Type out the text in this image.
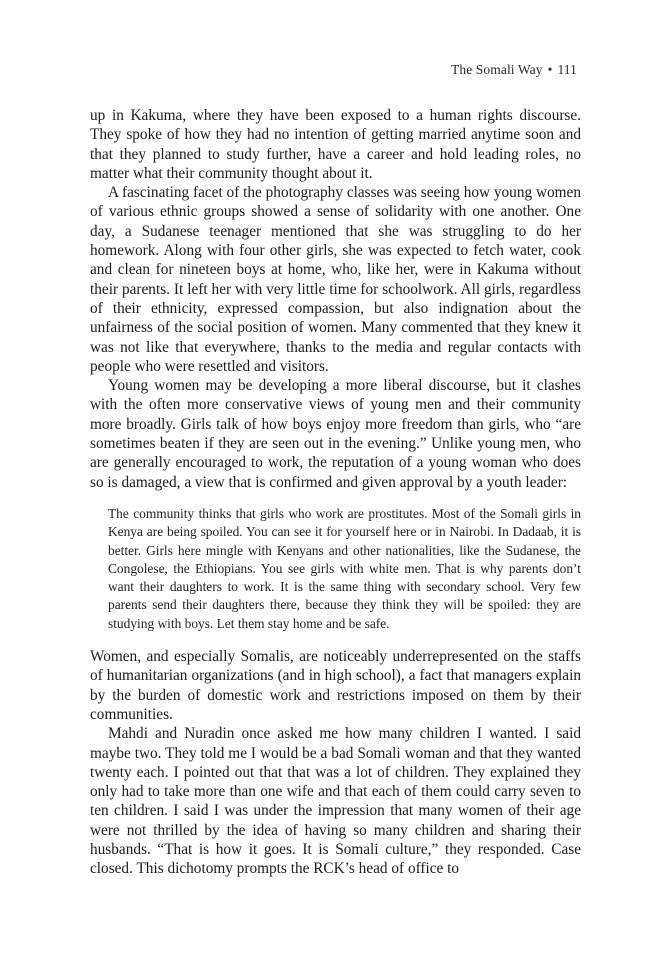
The Somali Way • 111

up in Kakuma, where they have been exposed to a human rights discourse. They spoke of how they had no intention of getting married anytime soon and that they planned to study further, have a career and hold leading roles, no matter what their community thought about it.

A fascinating facet of the photography classes was seeing how young women of various ethnic groups showed a sense of solidarity with one another. One day, a Sudanese teenager mentioned that she was struggling to do her homework. Along with four other girls, she was expected to fetch water, cook and clean for nineteen boys at home, who, like her, were in Kakuma without their parents. It left her with very little time for schoolwork. All girls, regardless of their ethnicity, expressed compassion, but also indignation about the unfairness of the social position of women. Many commented that they knew it was not like that everywhere, thanks to the media and regular contacts with people who were resettled and visitors.

Young women may be developing a more liberal discourse, but it clashes with the often more conservative views of young men and their community more broadly. Girls talk of how boys enjoy more freedom than girls, who “are sometimes beaten if they are seen out in the evening.” Unlike young men, who are generally encouraged to work, the reputation of a young woman who does so is damaged, a view that is confirmed and given approval by a youth leader:

The community thinks that girls who work are prostitutes. Most of the Somali girls in Kenya are being spoiled. You can see it for yourself here or in Nairobi. In Dadaab, it is better. Girls here mingle with Kenyans and other nationalities, like the Sudanese, the Congolese, the Ethiopians. You see girls with white men. That is why parents don’t want their daughters to work. It is the same thing with secondary school. Very few parents send their daughters there, because they think they will be spoiled: they are studying with boys. Let them stay home and be safe.

Women, and especially Somalis, are noticeably underrepresented on the staffs of humanitarian organizations (and in high school), a fact that managers explain by the burden of domestic work and restrictions imposed on them by their communities.

Mahdi and Nuradin once asked me how many children I wanted. I said maybe two. They told me I would be a bad Somali woman and that they wanted twenty each. I pointed out that that was a lot of children. They explained they only had to take more than one wife and that each of them could carry seven to ten children. I said I was under the impression that many women of their age were not thrilled by the idea of having so many children and sharing their husbands. “That is how it goes. It is Somali culture,” they responded. Case closed. This dichotomy prompts the RCK’s head of office to
